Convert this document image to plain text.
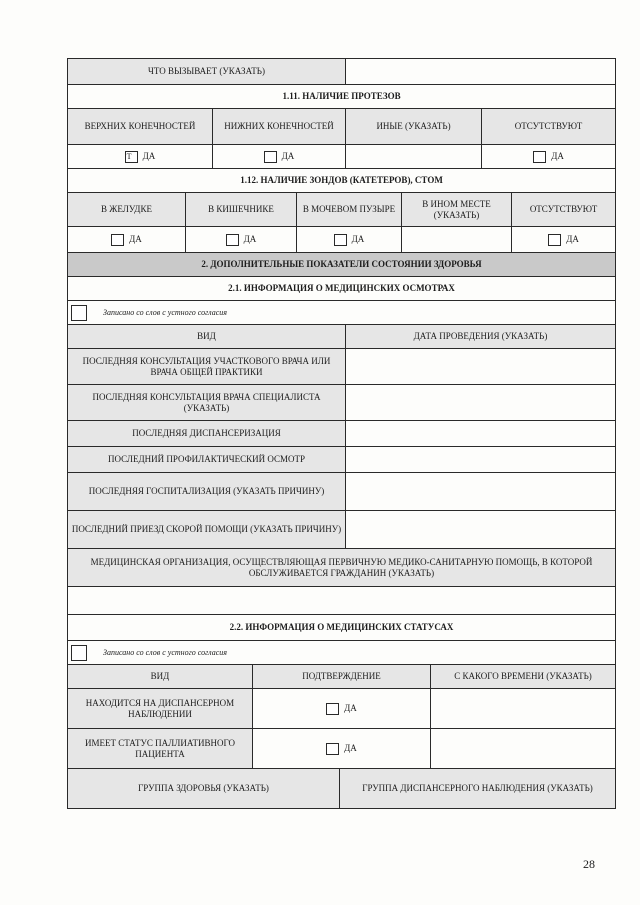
ЧТО ВЫЗЫВАЕТ (УКАЗАТЬ)	
1.11. НАЛИЧИЕ ПРОТЕЗОВ			
ВЕРХНИХ КОНЕЧНОСТЕЙ	НИЖНИХ КОНЕЧНОСТЕЙ	ИНЫЕ (УКАЗАТЬ)	ОТСУТСТВУЮТ

Т ДА	ДА		ДА
1.12. НАЛИЧИЕ ЗОНДОВ (КАТЕТЕРОВ), СТОМ				
В ЖЕЛУДКЕ	В КИШЕЧНИКЕ	В МОЧЕВОМ ПУЗЫРЕ	В ИНОМ МЕСТЕ (УКАЗАТЬ)	ОТСУТСТВУЮТ
ДА	ДА	ДА		ДА
2. ДОПОЛНИТЕЛЬНЫЕ ПОКАЗАТЕЛИ СОСТОЯНИИ ЗДОРОВЬЯ	
2.1. ИНФОРМАЦИЯ О МЕДИЦИНСКИХ ОСМОТРАХ	
Записано со слов с устного согласия	
ВИД	ДАТА ПРОВЕДЕНИЯ (УКАЗАТЬ)
ПОСЛЕДНЯЯ КОНСУЛЬТАЦИЯ УЧАСТКОВОГО ВРАЧА ИЛИ ВРАЧА ОБЩЕЙ ПРАКТИКИ	
ПОСЛЕДНЯЯ КОНСУЛЬТАЦИЯ ВРАЧА СПЕЦИАЛИСТА (УКАЗАТЬ)	
ПОСЛЕДНЯЯ ДИСПАНСЕРИЗАЦИЯ	
ПОСЛЕДНИЙ ПРОФИЛАКТИЧЕСКИЙ ОСМОТР	
ПОСЛЕДНЯЯ ГОСПИТАЛИЗАЦИЯ (УКАЗАТЬ ПРИЧИНУ)	
ПОСЛЕДНИЙ ПРИЕЗД СКОРОЙ ПОМОЩИ (УКАЗАТЬ ПРИЧИНУ)	
МЕДИЦИНСКАЯ ОРГАНИЗАЦИЯ, ОСУЩЕСТВЛЯЮЩАЯ ПЕРВИЧНУЮ МЕДИКО-САНИТАРНУЮ ПОМОЩЬ, В КОТОРОЙ ОБСЛУЖИВАЕТСЯ ГРАЖДАНИН (УКАЗАТЬ)	

2.2. ИНФОРМАЦИЯ О МЕДИЦИНСКИХ СТАТУСАХ		
Записано со слов с устного согласия		
ВИД	ПОДТВЕРЖДЕНИЕ	С КАКОГО ВРЕМЕНИ (УКАЗАТЬ)
НАХОДИТСЯ НА ДИСПАНСЕРНОМ НАБЛЮДЕНИИ	ДА	
ИМЕЕТ СТАТУС ПАЛЛИАТИВНОГО ПАЦИЕНТА	ДА	
ГРУППА ЗДОРОВЬЯ (УКАЗАТЬ)	ГРУППА ДИСПАНСЕРНОГО НАБЛЮДЕНИЯ (УКАЗАТЬ)
28
